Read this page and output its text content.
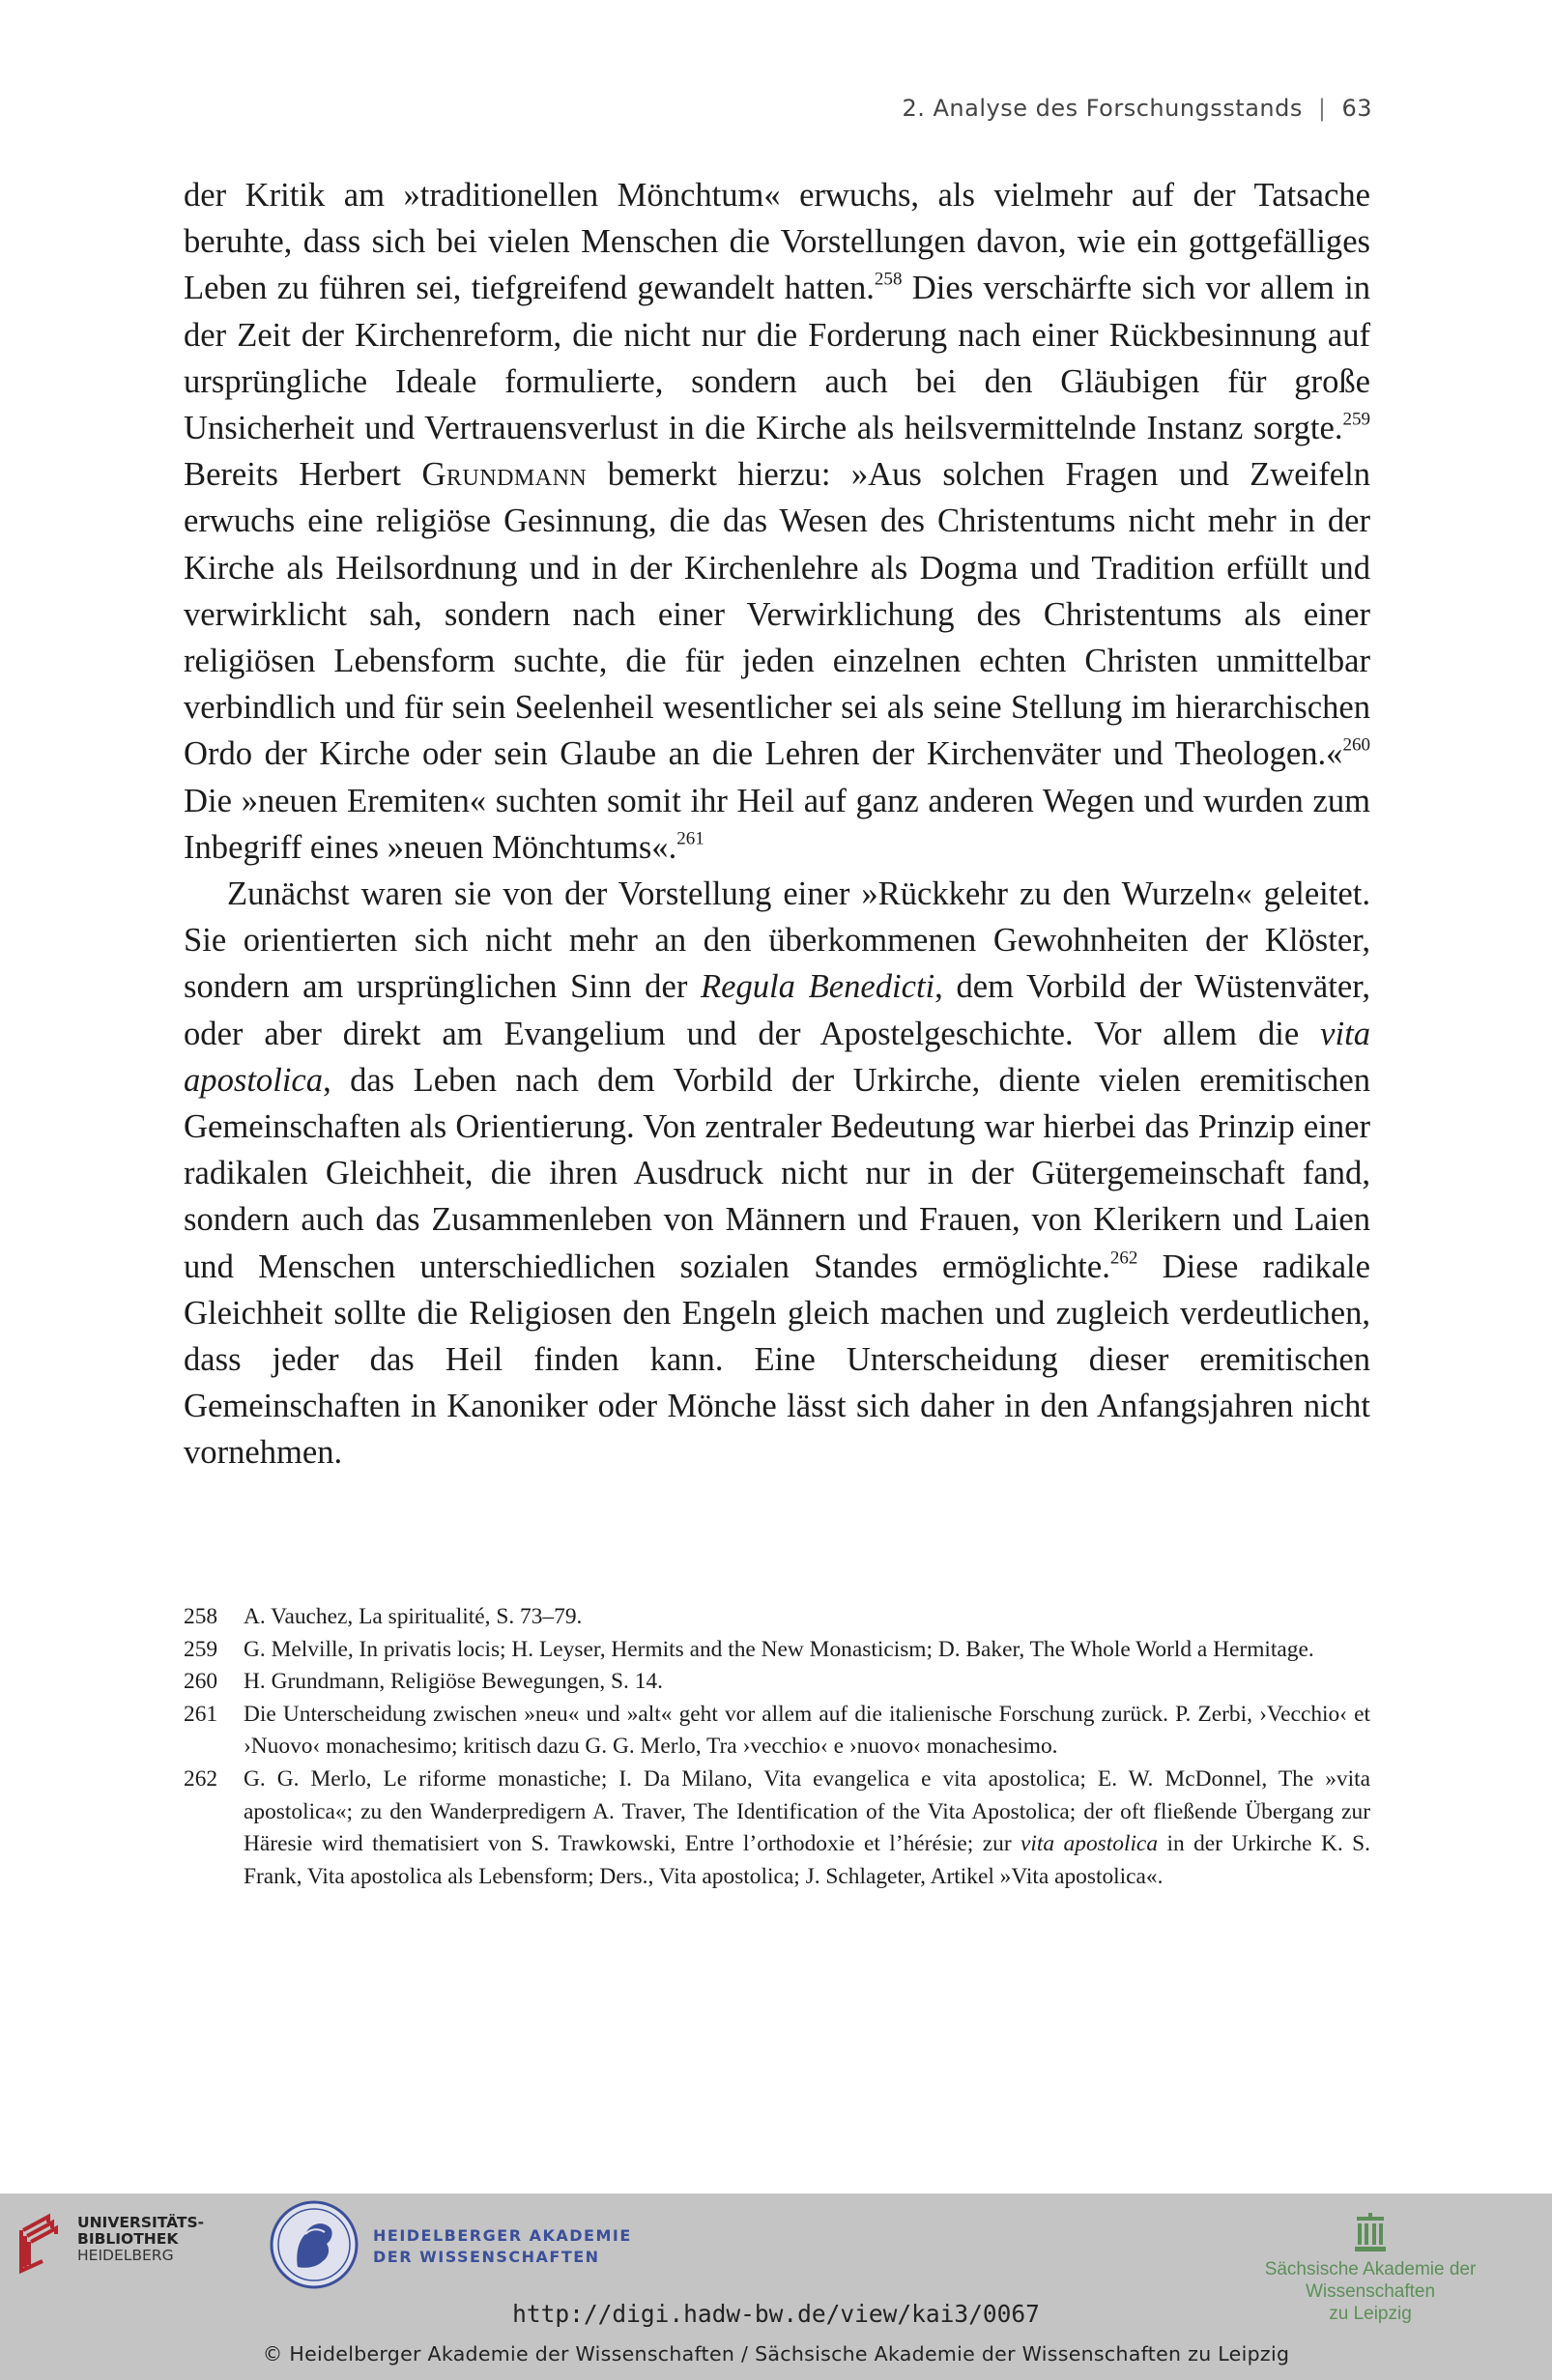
2. Analyse des Forschungsstands | 63

der Kritik am »traditionellen Mönchtum« erwuchs, als vielmehr auf der Tatsache beruhte, dass sich bei vielen Menschen die Vorstellungen davon, wie ein gottgefälliges Leben zu führen sei, tiefgreifend gewandelt hatten.$^{258}$ Dies verschärfte sich vor allem in der Zeit der Kirchenreform, die nicht nur die Forderung nach einer Rückbesinnung auf ursprüngliche Ideale formulierte, sondern auch bei den Gläubigen für große Unsicherheit und Vertrauensverlust in die Kirche als heilsvermittelnde Instanz sorgte.$^{259}$ Bereits Herbert Grundmann bemerkt hierzu: »Aus solchen Fragen und Zweifeln erwuchs eine religiöse Gesinnung, die das Wesen des Christentums nicht mehr in der Kirche als Heilsordnung und in der Kirchenlehre als Dogma und Tradition erfüllt und verwirklicht sah, sondern nach einer Verwirklichung des Christentums als einer religiösen Lebensform suchte, die für jeden einzelnen echten Christen unmittelbar verbindlich und für sein Seelenheil wesentlicher sei als seine Stellung im hierarchischen Ordo der Kirche oder sein Glaube an die Lehren der Kirchenväter und Theologen.«$^{260}$ Die »neuen Eremiten« suchten somit ihr Heil auf ganz anderen Wegen und wurden zum Inbegriff eines »neuen Mönchtums«.$^{261}$

Zunächst waren sie von der Vorstellung einer »Rückkehr zu den Wurzeln« geleitet. Sie orientierten sich nicht mehr an den überkommenen Gewohnheiten der Klöster, sondern am ursprünglichen Sinn der Regula Benedicti, dem Vorbild der Wüstenväter, oder aber direkt am Evangelium und der Apostelgeschichte. Vor allem die vita apostolica, das Leben nach dem Vorbild der Urkirche, diente vielen eremitischen Gemeinschaften als Orientierung. Von zentraler Bedeutung war hierbei das Prinzip einer radikalen Gleichheit, die ihren Ausdruck nicht nur in der Gütergemeinschaft fand, sondern auch das Zusammenleben von Männern und Frauen, von Klerikern und Laien und Menschen unterschiedlichen sozialen Standes ermöglichte.$^{262}$ Diese radikale Gleichheit sollte die Religiosen den Engeln gleich machen und zugleich verdeutlichen, dass jeder das Heil finden kann. Eine Unterscheidung dieser eremitischen Gemeinschaften in Kanoniker oder Mönche lässt sich daher in den Anfangsjahren nicht vornehmen.

258	A. Vauchez, La spiritualité, S. 73–79.
259	G. Melville, In privatis locis; H. Leyser, Hermits and the New Monasticism; D. Baker, The Whole World a Hermitage.
260	H. Grundmann, Religiöse Bewegungen, S. 14.
261	Die Unterscheidung zwischen »neu« und »alt« geht vor allem auf die italienische Forschung zurück. P. Zerbi, ›Vecchio‹ et ›Nuovo‹ monachesimo; kritisch dazu G. G. Merlo, Tra ›vecchio‹ e ›nuovo‹ monachesimo.
262	G. G. Merlo, Le riforme monastiche; I. Da Milano, Vita evangelica e vita apostolica; E. W. McDonnel, The »vita apostolica«; zu den Wanderpredigern A. Traver, The Identification of the Vita Apostolica; der oft fließende Übergang zur Häresie wird thematisiert von S. Trawkowski, Entre l’orthodoxie et l’hérésie; zur vita apostolica in der Urkirche K. S. Frank, Vita apostolica als Lebensform; Ders., Vita apostolica; J. Schlageter, Artikel »Vita apostolica«.
UNIVERSITÄTS-
BIBLIOTHEK
HEIDELBERG
HEIDELBERGER AKADEMIE
DER WISSENSCHAFTEN
Sächsische Akademie der Wissenschaften
zu Leipzig
http://digi.hadw-bw.de/view/kai3/0067
© Heidelberger Akademie der Wissenschaften / Sächsische Akademie der Wissenschaften zu Leipzig
